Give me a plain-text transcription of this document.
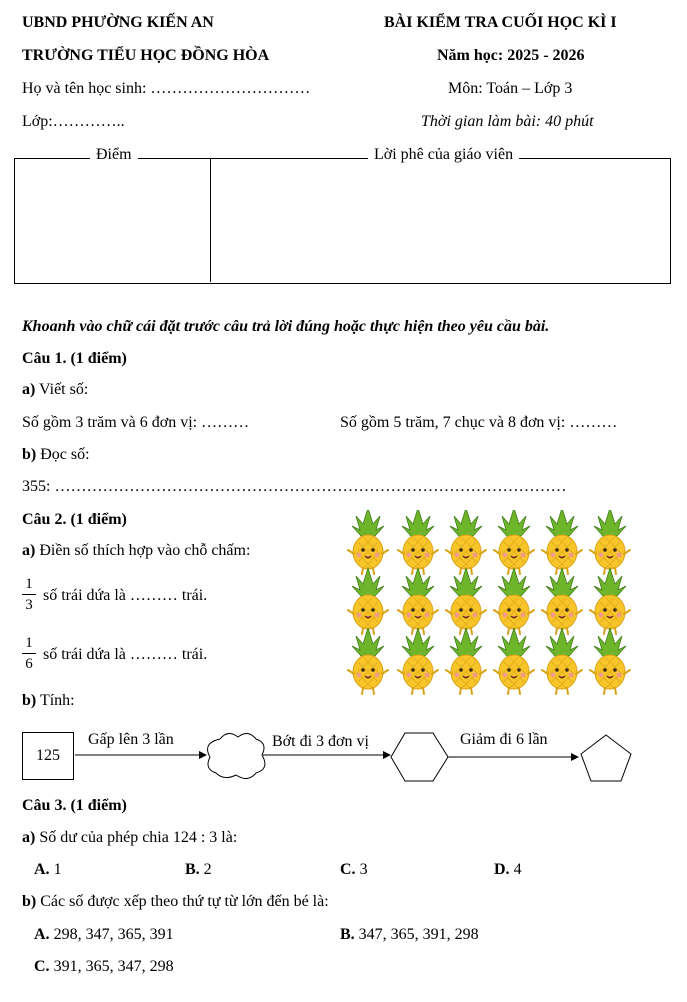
UBND PHƯỜNG KIẾN AN
TRƯỜNG TIỂU HỌC ĐỒNG HÒA
BÀI KIỂM TRA CUỐI HỌC KÌ I
Năm học: 2025 - 2026
Họ và tên học sinh: …………………………	Môn: Toán – Lớp 3
Lớp:…………..	Thời gian làm bài: 40 phút
Điểm	Lời phê của giáo viên
Khoanh vào chữ cái đặt trước câu trả lời đúng hoặc thực hiện theo yêu cầu bài.
Câu 1. (1 điểm)
a) Viết số:
Số gồm 3 trăm và 6 đơn vị: ………	Số gồm 5 trăm, 7 chục và 8 đơn vị: ………
b) Đọc số:
355: ……………………………………………………………………………………
Câu 2. (1 điểm)
a) Điền số thích hợp vào chỗ chấm:
1
3
số trái dứa là ……… trái.
1
6
số trái dứa là ……… trái.
b) Tính:
125
Gấp lên 3 lần	Bớt đi 3 đơn vị	Giảm đi 6 lần
Câu 3. (1 điểm)
a) Số dư của phép chia 124 : 3 là:
A. 1	B. 2	C. 3	D. 4
b) Các số được xếp theo thứ tự từ lớn đến bé là:
A. 298, 347, 365, 391	B. 347, 365, 391, 298
C. 391, 365, 347, 298
